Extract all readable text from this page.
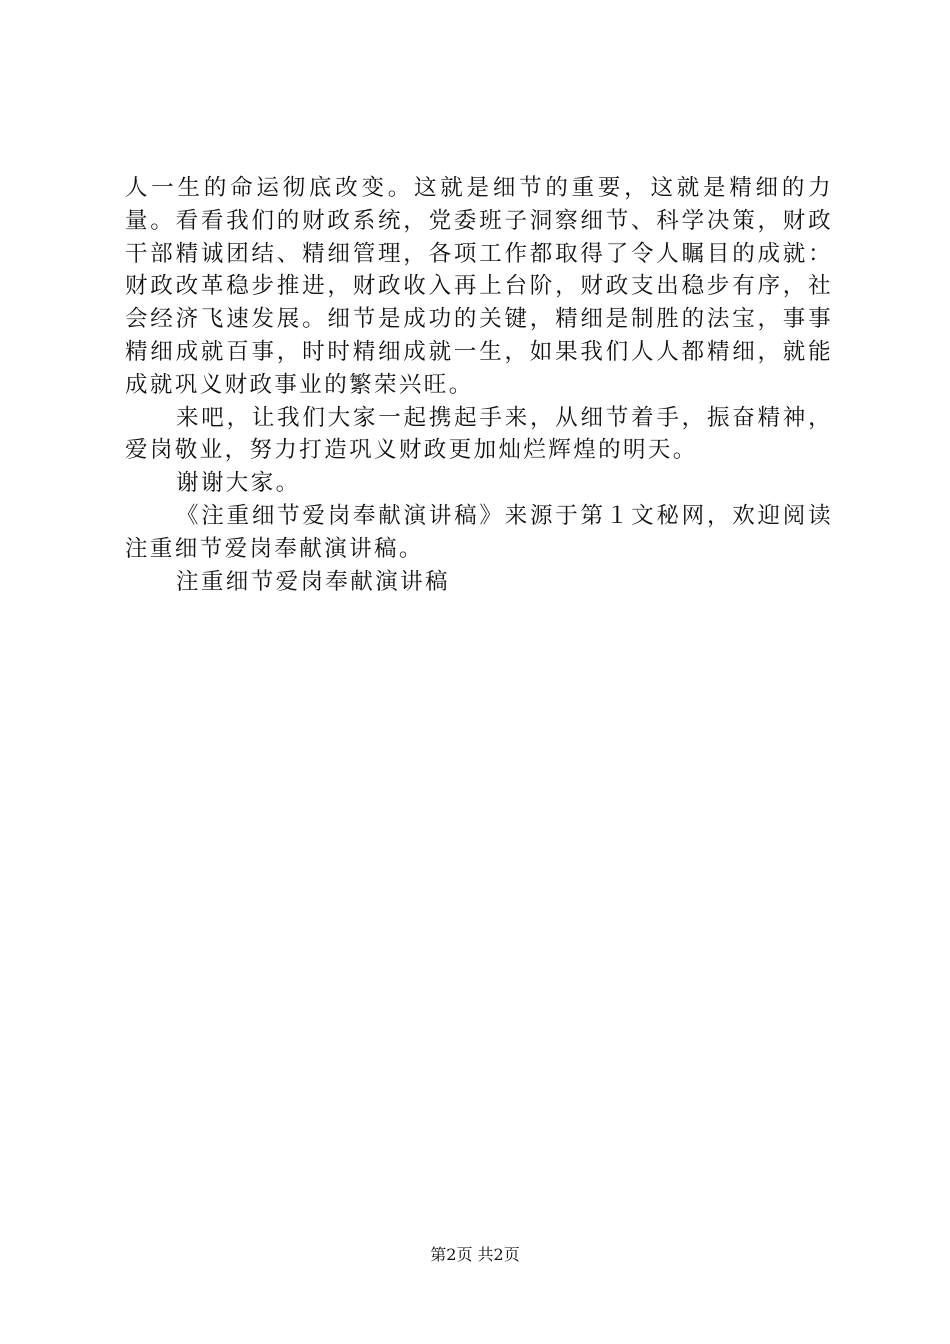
人一生的命运彻底改变。这就是细节的重要，这就是精细的力量。看看我们的财政系统，党委班子洞察细节、科学决策，财政干部精诚团结、精细管理，各项工作都取得了令人瞩目的成就：财政改革稳步推进，财政收入再上台阶，财政支出稳步有序，社会经济飞速发展。细节是成功的关键，精细是制胜的法宝，事事精细成就百事，时时精细成就一生，如果我们人人都精细，就能成就巩义财政事业的繁荣兴旺。

来吧，让我们大家一起携起手来，从细节着手，振奋精神，爱岗敬业，努力打造巩义财政更加灿烂辉煌的明天。

谢谢大家。

《注重细节爱岗奉献演讲稿》来源于第１文秘网，欢迎阅读注重细节爱岗奉献演讲稿。

注重细节爱岗奉献演讲稿

第2页 共2页
